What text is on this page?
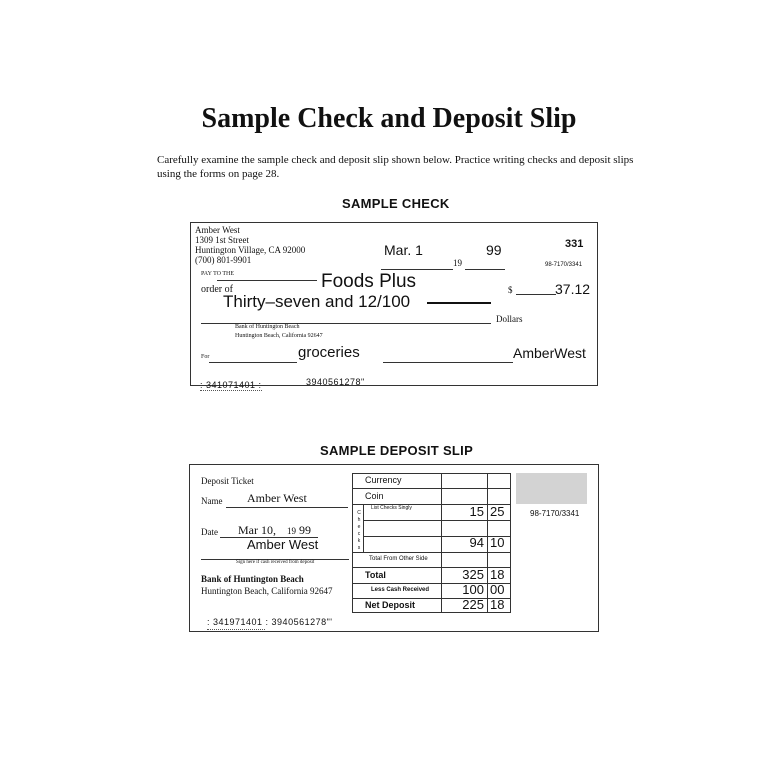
Sample Check and Deposit Slip
Carefully examine the sample check and deposit slip shown below. Practice writing checks and deposit slips using the forms on page 28.
SAMPLE CHECK
Amber West
1309 1st Street
Huntington Village, CA 92000
(700) 801-9901
Mar. 1	99	331
19	98-7170/3341
PAY TO THE
order of	Foods Plus	$	37.12
Thirty–seven and 12/100
Dollars
Bank of Huntington Beach
Huntington Beach, California 92647
For	groceries	AmberWest
: 341071401 :	3940561278"
SAMPLE DEPOSIT SLIP
Deposit Ticket
Name Amber West
Date Mar 10, 19 99
Amber West
Sign here if cash received from deposit
Bank of Huntington Beach
Huntington Beach, California 92647
Currency
Coin
List Checks Singly
C
h
e
c
k
s
15 25
94 10
Total From Other Side
Total	325 18
Less Cash Received	100 00
Net Deposit	225 18
98-7170/3341
: 341971401 : 3940561278"'
